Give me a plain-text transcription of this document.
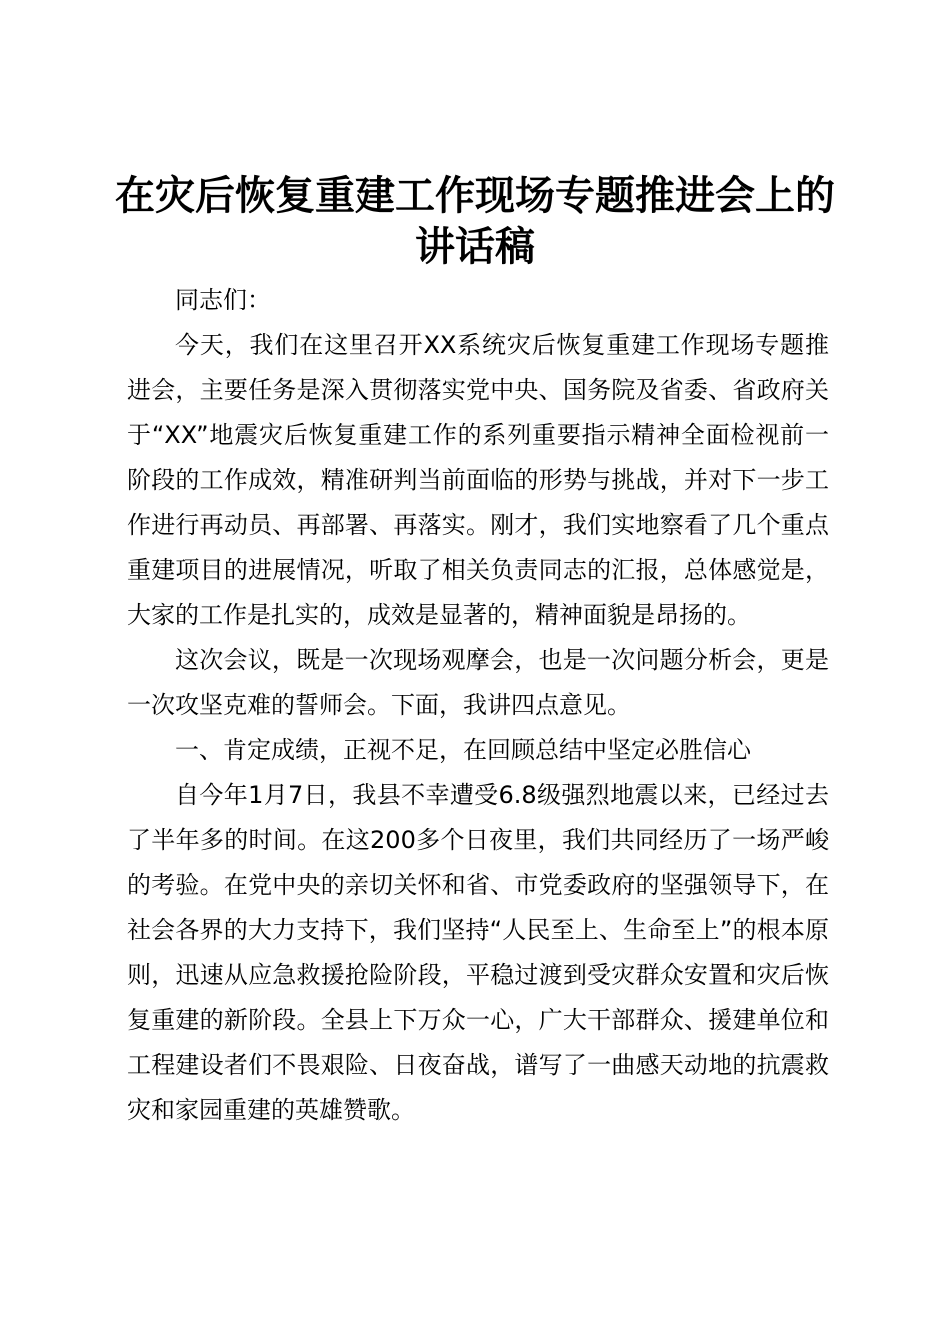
在灾后恢复重建工作现场专题推进会上的讲话稿

同志们：

今天，我们在这里召开XX系统灾后恢复重建工作现场专题推进会，主要任务是深入贯彻落实党中央、国务院及省委、省政府关于“XX”地震灾后恢复重建工作的系列重要指示精神全面检视前一阶段的工作成效，精准研判当前面临的形势与挑战，并对下一步工作进行再动员、再部署、再落实。刚才，我们实地察看了几个重点重建项目的进展情况，听取了相关负责同志的汇报，总体感觉是，大家的工作是扎实的，成效是显著的，精神面貌是昂扬的。

这次会议，既是一次现场观摩会，也是一次问题分析会，更是一次攻坚克难的誓师会。下面，我讲四点意见。

一、肯定成绩，正视不足，在回顾总结中坚定必胜信心

自今年1月7日，我县不幸遭受6.8级强烈地震以来，已经过去了半年多的时间。在这200多个日夜里，我们共同经历了一场严峻的考验。在党中央的亲切关怀和省、市党委政府的坚强领导下，在社会各界的大力支持下，我们坚持“人民至上、生命至上”的根本原则，迅速从应急救援抢险阶段，平稳过渡到受灾群众安置和灾后恢复重建的新阶段。全县上下万众一心，广大干部群众、援建单位和工程建设者们不畏艰险、日夜奋战，谱写了一曲感天动地的抗震救灾和家园重建的英雄赞歌。
